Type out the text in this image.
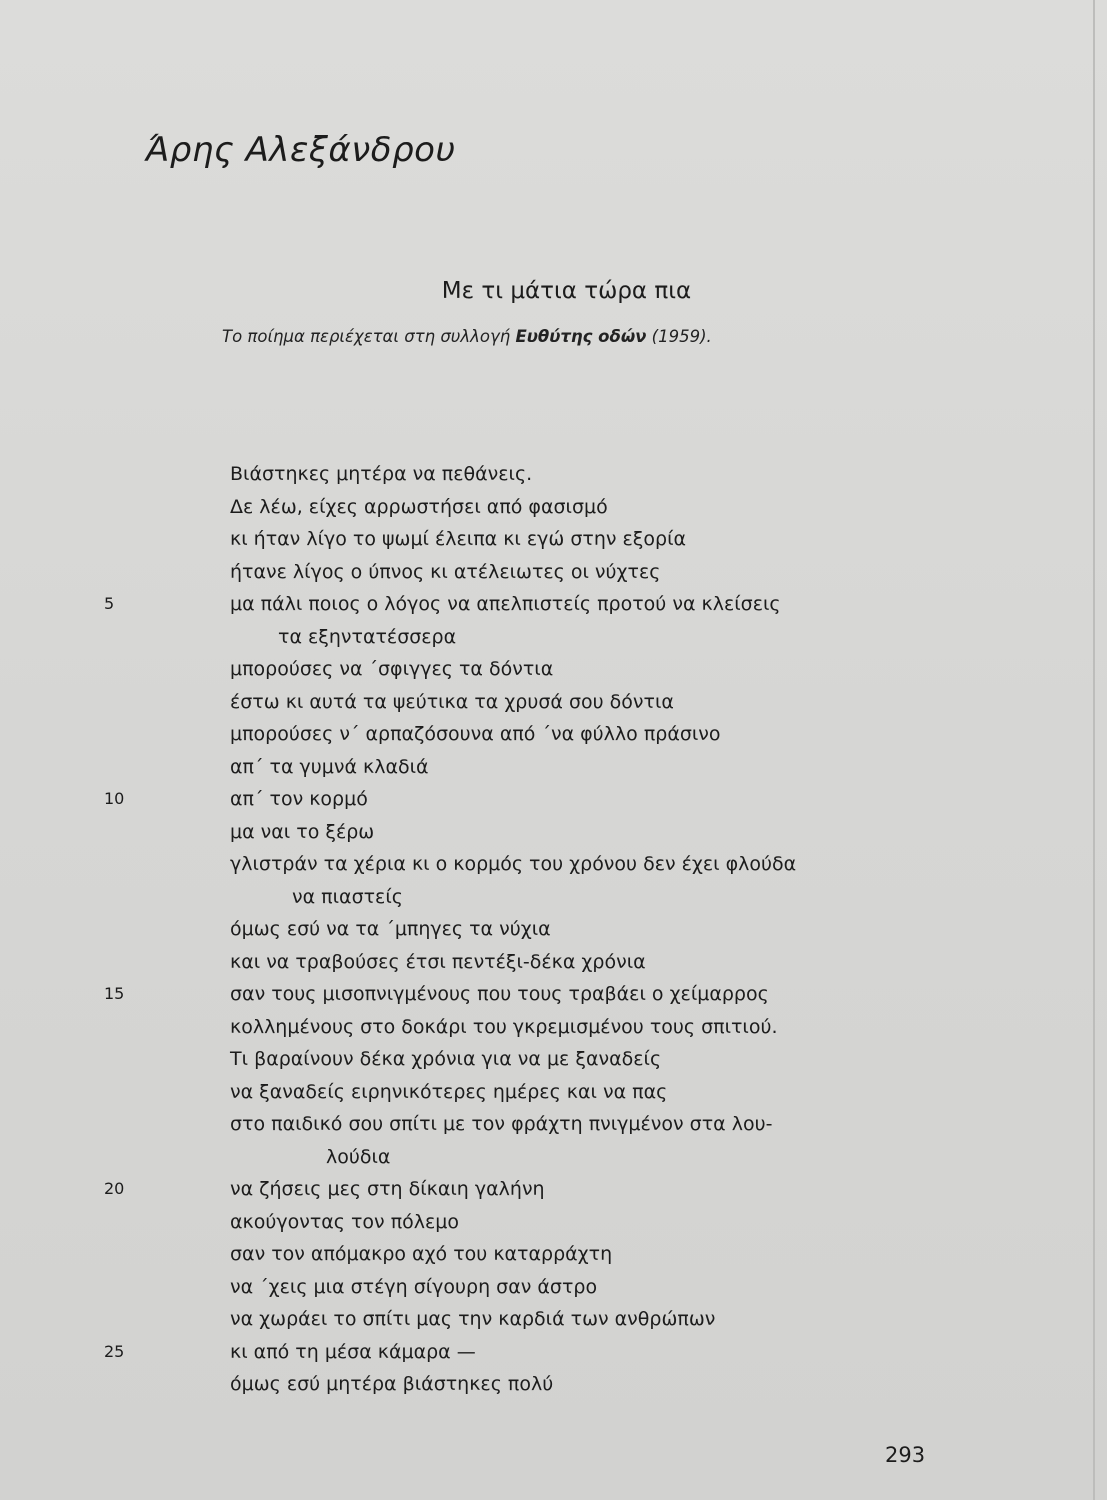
Άρης Αλεξάνδρου
Με τι μάτια τώρα πια
Το ποίημα περιέχεται στη συλλογή Ευθύτης οδών (1959).
Βιάστηκες μητέρα να πεθάνεις.
Δε λέω, είχες αρρωστήσει από φασισμό
κι ήταν λίγο το ψωμί έλειπα κι εγώ στην εξορία
ήτανε λίγος ο ύπνος κι ατέλειωτες οι νύχτες
5	μα πάλι ποιος ο λόγος να απελπιστείς προτού να κλείσεις
τα εξηντατέσσερα
μπορούσες να ΄σφιγγες τα δόντια
έστω κι αυτά τα ψεύτικα τα χρυσά σου δόντια
μπορούσες ν΄ αρπαζόσουνα από ΄να φύλλο πράσινο
απ΄ τα γυμνά κλαδιά
10	απ΄ τον κορμό
μα ναι το ξέρω
γλιστράν τα χέρια κι ο κορμός του χρόνου δεν έχει φλούδα
να πιαστείς
όμως εσύ να τα ΄μπηγες τα νύχια
και να τραβούσες έτσι πεντέξι-δέκα χρόνια
15	σαν τους μισοπνιγμένους που τους τραβάει ο χείμαρρος
κολλημένους στο δοκάρι του γκρεμισμένου τους σπιτιού.
Τι βαραίνουν δέκα χρόνια για να με ξαναδείς
να ξαναδείς ειρηνικότερες ημέρες και να πας
στο παιδικό σου σπίτι με τον φράχτη πνιγμένον στα λου-
λούδια
20	να ζήσεις μες στη δίκαιη γαλήνη
ακούγοντας τον πόλεμο
σαν τον απόμακρο αχό του καταρράχτη
να ΄χεις μια στέγη σίγουρη σαν άστρο
να χωράει το σπίτι μας την καρδιά των ανθρώπων
25	κι από τη μέσα κάμαρα —
όμως εσύ μητέρα βιάστηκες πολύ
293
